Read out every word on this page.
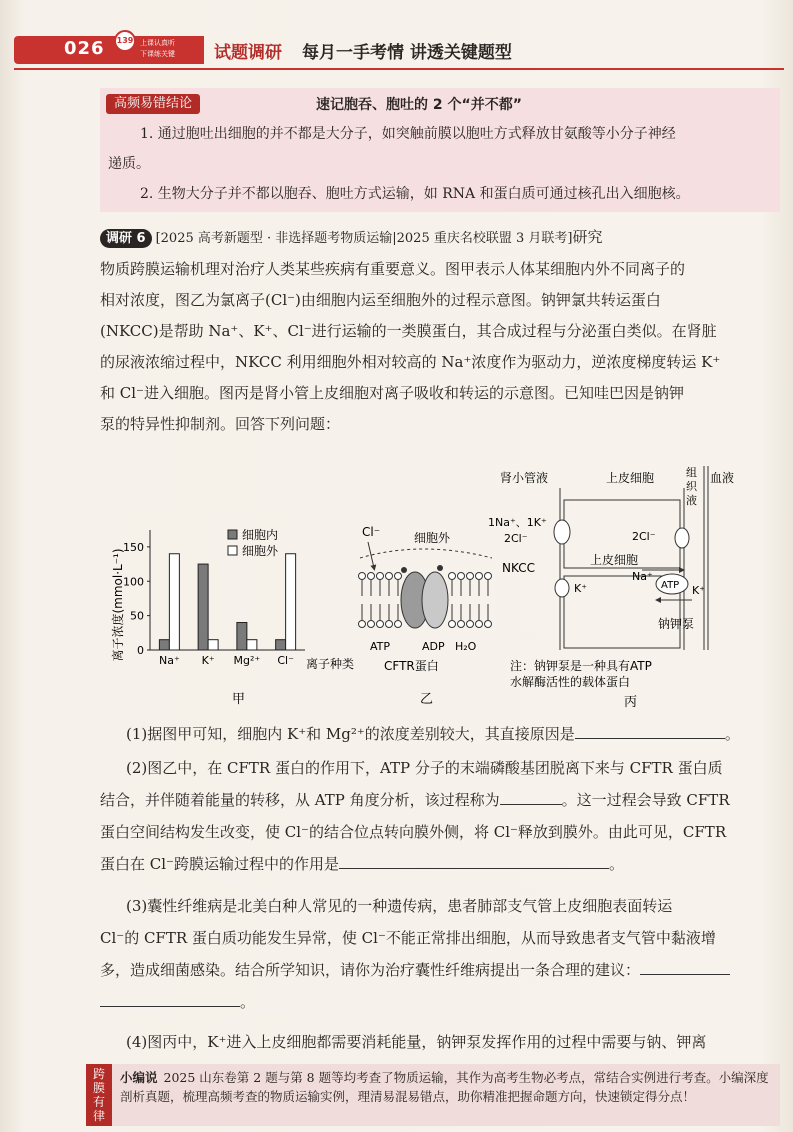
026	139 上课认真听
下课练关键	试题调研 每月一手考情 讲透关键题型
高频易错结论	速记胞吞、胞吐的 2 个“并不都”
1. 通过胞吐出细胞的并不都是大分子，如突触前膜以胞吐方式释放甘氨酸等小分子神经
递质。
2. 生物大分子并不都以胞吞、胞吐方式运输，如 RNA 和蛋白质可通过核孔出入细胞核。
调研 6 [2025 高考新题型 · 非选择题考物质运输|2025 重庆名校联盟 3 月联考]研究
物质跨膜运输机理对治疗人类某些疾病有重要意义。图甲表示人体某细胞内外不同离子的
相对浓度，图乙为氯离子(Cl⁻)由细胞内运至细胞外的过程示意图。钠钾氯共转运蛋白
(NKCC)是帮助 Na⁺、K⁺、Cl⁻进行运输的一类膜蛋白，其合成过程与分泌蛋白类似。在肾脏
的尿液浓缩过程中，NKCC 利用细胞外相对较高的 Na⁺浓度作为驱动力，逆浓度梯度转运 K⁺
和 Cl⁻进入细胞。图丙是肾小管上皮细胞对离子吸收和转运的示意图。已知哇巴因是钠钾
泵的特异性抑制剂。回答下列问题：
0
50
100
150
Na⁺ K⁺ Mg²⁺ Cl⁻
离子浓度(mmol·L⁻¹)
离子种类
细胞内
细胞外
甲
Cl⁻	细胞外
ATP	ADP H₂O
CFTR蛋白
乙
肾小管液	上皮细胞	组织液
血液
1Na⁺、1K⁺
2Cl⁻
NKCC
2Cl⁻
上皮细胞
K⁺
Na⁺
ATP K⁺
钠钾泵
注：钠钾泵是一种具有ATP
水解酶活性的载体蛋白
丙
(1)据图甲可知，细胞内 K⁺和 Mg²⁺的浓度差别较大，其直接原因是	。
(2)图乙中，在 CFTR 蛋白的作用下，ATP 分子的末端磷酸基团脱离下来与 CFTR 蛋白质
结合，并伴随着能量的转移，从 ATP 角度分析，该过程称为	。这一过程会导致 CFTR
蛋白空间结构发生改变，使 Cl⁻的结合位点转向膜外侧，将 Cl⁻释放到膜外。由此可见，CFTR
蛋白在 Cl⁻跨膜运输过程中的作用是	。
(3)囊性纤维病是北美白种人常见的一种遗传病，患者肺部支气管上皮细胞表面转运
Cl⁻的 CFTR 蛋白质功能发生异常，使 Cl⁻不能正常排出细胞，从而导致患者支气管中黏液增
多，造成细菌感染。结合所学知识，请你为治疗囊性纤维病提出一条合理的建议：
。
(4)图丙中，K⁺进入上皮细胞都需要消耗能量，钠钾泵发挥作用的过程中需要与钠、钾离
跨
膜
有
律
小编说 2025 山东卷第 2 题与第 8 题等均考查了物质运输，其作为高考生物必考点，常结合实例进行考查。小编深度剖析真题，梳理高频考查的物质运输实例，理清易混易错点，助你精准把握命题方向，快速锁定得分点！
